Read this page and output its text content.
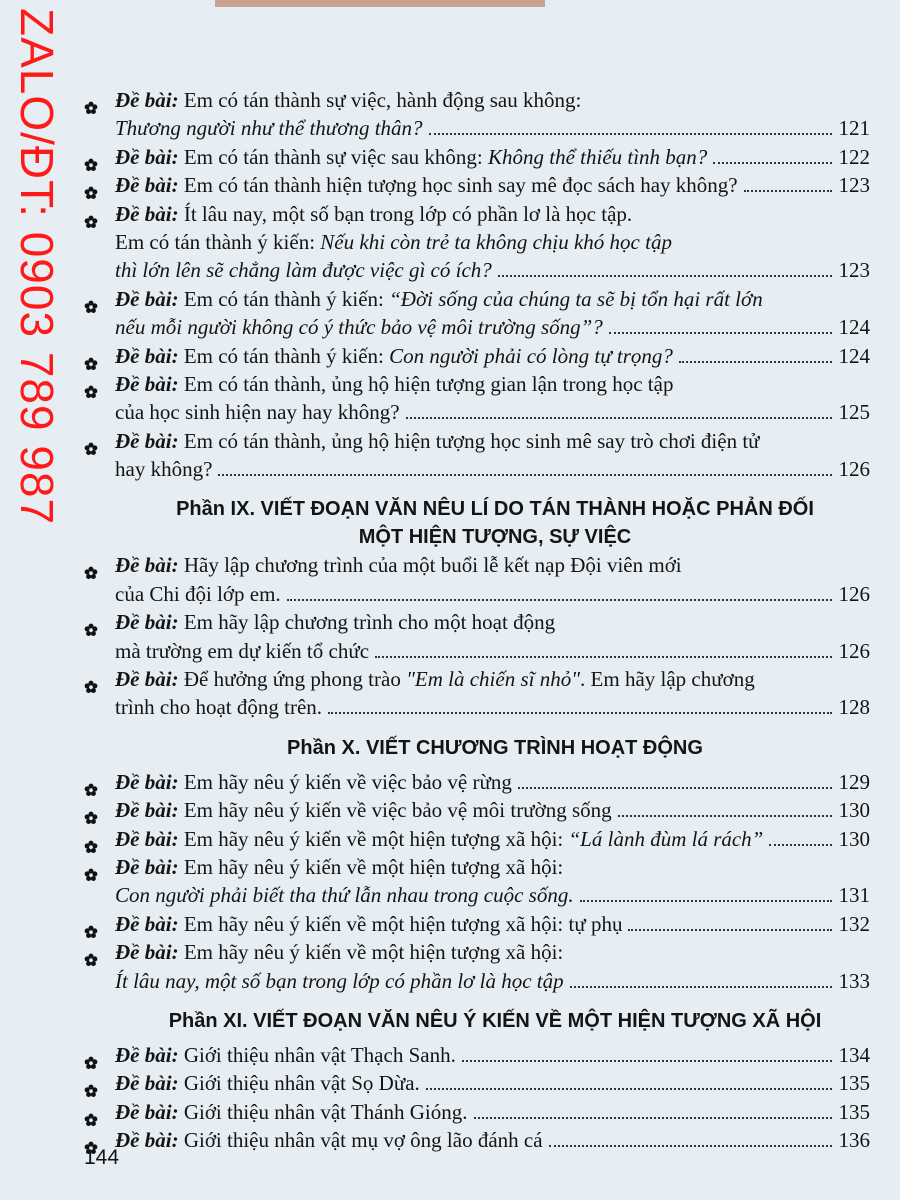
ZALO/ĐT: 0903 789 987	Đề bài: Em có tán thành sự việc, hành động sau không:
Thương người như thể thương thân?	121
Đề bài: Em có tán thành sự việc sau không: Không thể thiếu tình bạn?	122
Đề bài: Em có tán thành hiện tượng học sinh say mê đọc sách hay không?	123
Đề bài: Ít lâu nay, một số bạn trong lớp có phần lơ là học tập.
Em có tán thành ý kiến: Nếu khi còn trẻ ta không chịu khó học tập
thì lớn lên sẽ chẳng làm được việc gì có ích?	123
Đề bài: Em có tán thành ý kiến: “Đời sống của chúng ta sẽ bị tổn hại rất lớn
nếu mỗi người không có ý thức bảo vệ môi trường sống”?	124
Đề bài: Em có tán thành ý kiến: Con người phải có lòng tự trọng?	124
Đề bài: Em có tán thành, ủng hộ hiện tượng gian lận trong học tập
của học sinh hiện nay hay không?	125
Đề bài: Em có tán thành, ủng hộ hiện tượng học sinh mê say trò chơi điện tử
hay không?	126
Phần IX. VIẾT ĐOẠN VĂN NÊU LÍ DO TÁN THÀNH HOẶC PHẢN ĐỐI
MỘT HIỆN TƯỢNG, SỰ VIỆC
Đề bài: Hãy lập chương trình của một buổi lễ kết nạp Đội viên mới
của Chi đội lớp em.	126
Đề bài: Em hãy lập chương trình cho một hoạt động
mà trường em dự kiến tổ chức	126
Đề bài: Để hưởng ứng phong trào "Em là chiến sĩ nhỏ". Em hãy lập chương
trình cho hoạt động trên.	128
Phần X. VIẾT CHƯƠNG TRÌNH HOẠT ĐỘNG
Đề bài: Em hãy nêu ý kiến về việc bảo vệ rừng	129
Đề bài: Em hãy nêu ý kiến về việc bảo vệ môi trường sống	130
Đề bài: Em hãy nêu ý kiến về một hiện tượng xã hội: “Lá lành đùm lá rách”	130
Đề bài: Em hãy nêu ý kiến về một hiện tượng xã hội:
Con người phải biết tha thứ lẫn nhau trong cuộc sống.	131
Đề bài: Em hãy nêu ý kiến về một hiện tượng xã hội: tự phụ	132
Đề bài: Em hãy nêu ý kiến về một hiện tượng xã hội:
Ít lâu nay, một số bạn trong lớp có phần lơ là học tập	133
Phần XI. VIẾT ĐOẠN VĂN NÊU Ý KIẾN VỀ MỘT HIỆN TƯỢNG XÃ HỘI
Đề bài: Giới thiệu nhân vật Thạch Sanh.	134
Đề bài: Giới thiệu nhân vật Sọ Dừa.	135
Đề bài: Giới thiệu nhân vật Thánh Gióng.	135
Đề bài: Giới thiệu nhân vật mụ vợ ông lão đánh cá	136
144
